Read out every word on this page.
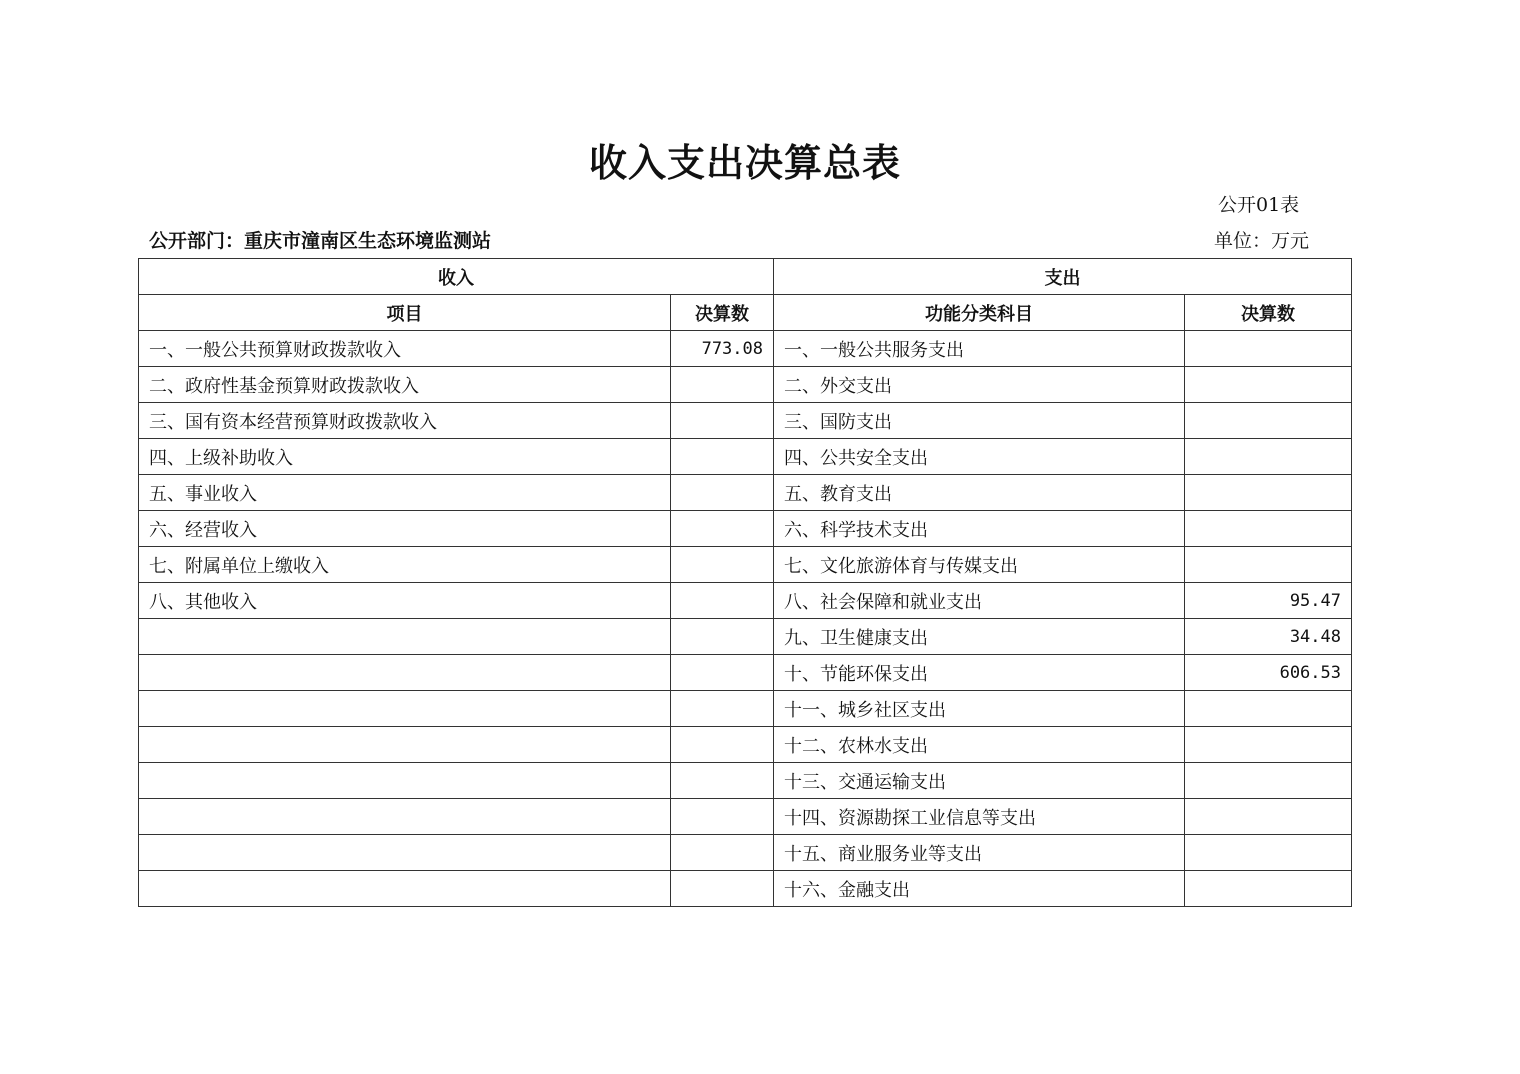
收入支出决算总表
公开01表
公开部门：重庆市潼南区生态环境监测站	单位：万元
收入		支出	
项目	决算数	功能分类科目	决算数
一、一般公共预算财政拨款收入	773.08	一、一般公共服务支出	
二、政府性基金预算财政拨款收入		二、外交支出	
三、国有资本经营预算财政拨款收入		三、国防支出	
四、上级补助收入		四、公共安全支出	
五、事业收入		五、教育支出	
六、经营收入		六、科学技术支出	
七、附属单位上缴收入		七、文化旅游体育与传媒支出	
八、其他收入		八、社会保障和就业支出	95.47
		九、卫生健康支出	34.48
		十、节能环保支出	606.53
		十一、城乡社区支出	
		十二、农林水支出	
		十三、交通运输支出	
		十四、资源勘探工业信息等支出	
		十五、商业服务业等支出	
		十六、金融支出	
